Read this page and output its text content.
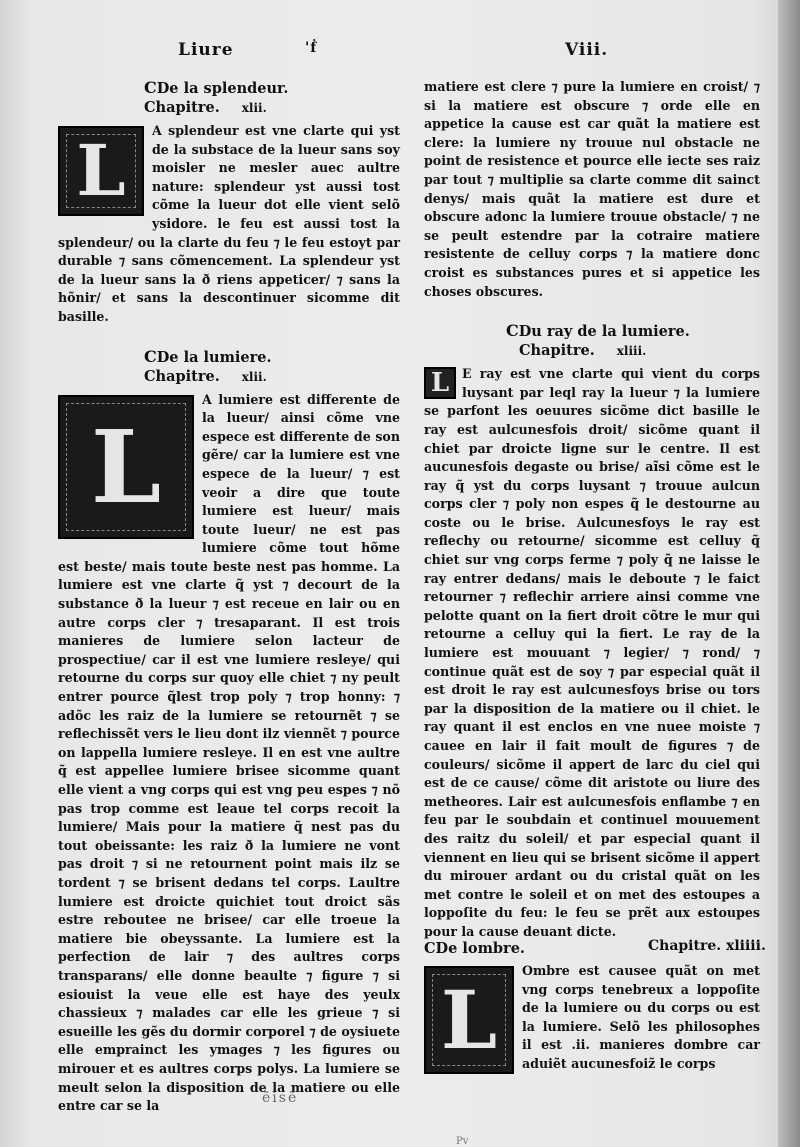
Liure	'ḟ	Viii.
CDe la splendeur.
Chapitre. xlii.

L	A splendeur est vne clarte qui yst de la substace de la lueur sans soy moisler ne mesler auec aultre nature: splendeur yst aussi tost cõme la lueur dot elle vient selõ ysidore. le feu est aussi tost la splendeur/ ou la clarte du feu ⁊ le feu estoyt par durable ⁊ sans cõmencement. La splendeur yst de la lueur sans la ð riens appeticer/ ⁊ sans la hõnir/ et sans la descontinuer sicomme dit basille.

CDe la lumiere.
Chapitre. xlii.

L
A lumiere est differente de la lueur/ ainsi cõme vne espece est differente de son gẽre/ car la lumiere est vne espece de la lueur/ ⁊ est veoir a dire que toute lumiere est lueur/ mais toute lueur/ ne est pas lumiere cõme tout hõme est beste/ mais toute beste nest pas homme. La lumiere est vne clarte q̃ yst ⁊ decourt de la substance ð la lueur ⁊ est receue en lair ou en autre corps cler ⁊ tresaparant. Il est trois manieres de lumiere selon lacteur de prospectiue/ car il est vne lumiere resleye/ qui retourne du corps sur quoy elle chiet ⁊ ny peult entrer pource q̃lest trop poly ⁊ trop honny: ⁊ adõc les raiz de la lumiere se retournẽt ⁊ se reflechissẽt vers le lieu dont ilz viennẽt ⁊ pource on lappella lumiere resleye. Il en est vne aultre q̃ est appellee lumiere brisee sicomme quant elle vient a vng corps qui est vng peu espes ⁊ nõ pas trop comme est leaue tel corps recoit la lumiere/ Mais pour la matiere q̃ nest pas du tout obeissante: les raiz ð la lumiere ne vont pas droit ⁊ si ne retournent point mais ilz se tordent ⁊ se brisent dedans tel corps. Laultre lumiere est droicte quichiet tout droict sãs estre reboutee ne brisee/ car elle troeue la matiere bie obeyssante. La lumiere est la perfection de lair ⁊ des aultres corps transparans/ elle donne beaulte ⁊ figure ⁊ si esiouist la veue elle est haye des yeulx chassieux ⁊ malades car elle les grieue ⁊ si esueille les gẽs du dormir corporel ⁊ de oysiuete elle emprainct les ymages ⁊ les figures ou mirouer et es aultres corps polys. La lumiere se meult selon la disposition de la matiere ou elle entre car se la

matiere est clere ⁊ pure la lumiere en croist/ ⁊ si la matiere est obscure ⁊ orde elle en appetice la cause est car quãt la matiere est clere: la lumiere ny trouue nul obstacle ne point de resistence et pource elle iecte ses raiz par tout ⁊ multiplie sa clarte comme dit sainct denys/ mais quãt la matiere est dure et obscure adonc la lumiere trouue obstacle/ ⁊ ne se peult estendre par la cotraire matiere resistente de celluy corps ⁊ la matiere donc croist es substances pures et si appetice les choses obscures.

CDu ray de la lumiere.
Chapitre. xliii.

L	E ray est vne clarte qui vient du corps luysant par leql ray la lueur ⁊ la lumiere se parfont les oeuures sicõme dict basille le ray est aulcunesfois droit/ sicõme quant il chiet par droicte ligne sur le centre. Il est aucunesfois degaste ou brise/ aĩsi cõme est le ray q̃ yst du corps luysant ⁊ trouue aulcun corps cler ⁊ poly non espes q̃ le destourne au coste ou le brise. Aulcunesfoys le ray est reflechy ou retourne/ sicomme est celluy q̃ chiet sur vng corps ferme ⁊ poly q̃ ne laisse le ray entrer dedans/ mais le deboute ⁊ le faict retourner ⁊ reflechir arriere ainsi comme vne pelotte quant on la fiert droit cõtre le mur qui retourne a celluy qui la fiert. Le ray de la lumiere est mouuant ⁊ legier/ ⁊ rond/ ⁊ continue quãt est de soy ⁊ par especial quãt il est droit le ray est aulcunesfoys brise ou tors par la disposition de la matiere ou il chiet. le ray quant il est enclos en vne nuee moiste ⁊ cauee en lair il fait moult de figures ⁊ de couleurs/ sicõme il appert de larc du ciel qui est de ce cause/ cõme dit aristote ou liure des metheores. Lair est aulcunesfois enflambe ⁊ en feu par le soubdain et continuel mouuement des raitz du soleil/ et par especial quant il viennent en lieu qui se brisent sicõme il appert du mirouer ardant ou du cristal quãt on les met contre le soleil et on met des estoupes a loppoſite du feu: le feu se prẽt aux estoupes pour la cause deuant dicte.

CDe lombre.	Chapitre. xliiii.
L
Ombre est causee quãt on met vng corps tenebreux a loppoſite de la lumiere ou du corps ou est la lumiere. Selõ les philosophes il est .ii. manieres dombre car aduiẽt aucunesfoiz̃ le corps
ẽisẽ
Pv
